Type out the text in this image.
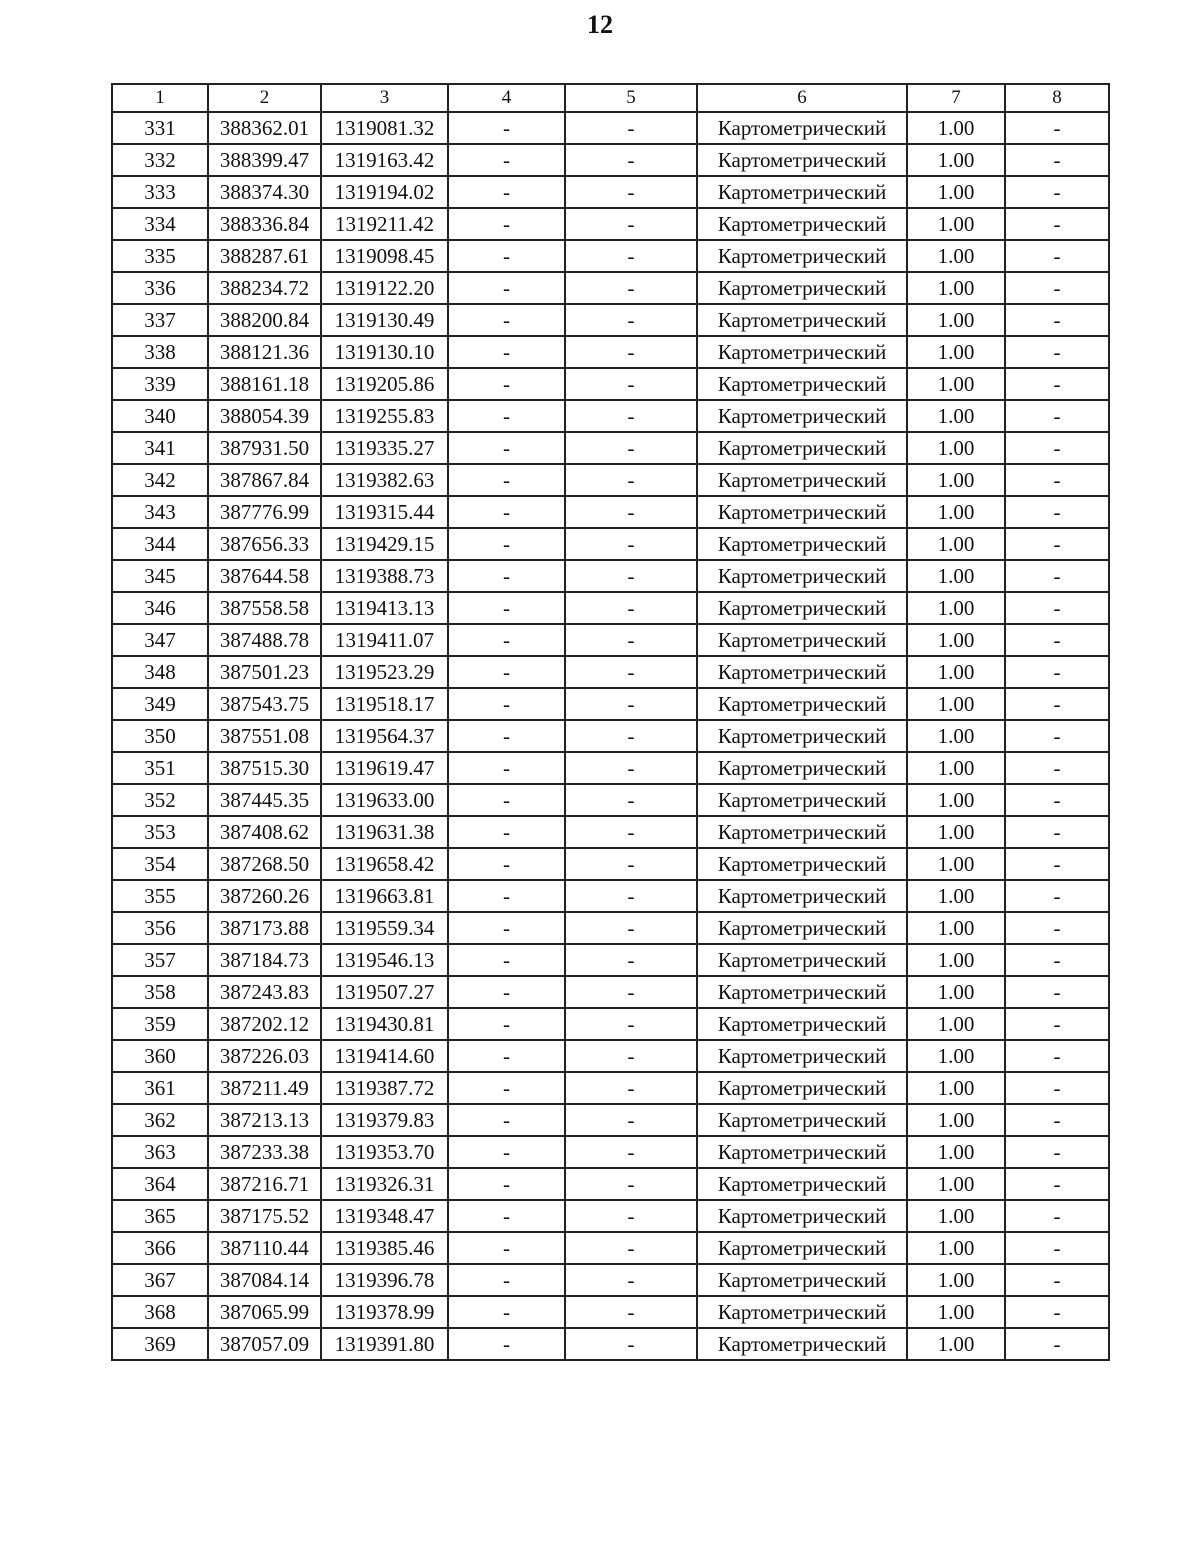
12
1	2	3	4	5	6	7	8
331	388362.01	1319081.32	-	-	Картометрический	1.00	-
332	388399.47	1319163.42	-	-	Картометрический	1.00	-
333	388374.30	1319194.02	-	-	Картометрический	1.00	-
334	388336.84	1319211.42	-	-	Картометрический	1.00	-
335	388287.61	1319098.45	-	-	Картометрический	1.00	-
336	388234.72	1319122.20	-	-	Картометрический	1.00	-
337	388200.84	1319130.49	-	-	Картометрический	1.00	-
338	388121.36	1319130.10	-	-	Картометрический	1.00	-
339	388161.18	1319205.86	-	-	Картометрический	1.00	-
340	388054.39	1319255.83	-	-	Картометрический	1.00	-
341	387931.50	1319335.27	-	-	Картометрический	1.00	-
342	387867.84	1319382.63	-	-	Картометрический	1.00	-
343	387776.99	1319315.44	-	-	Картометрический	1.00	-
344	387656.33	1319429.15	-	-	Картометрический	1.00	-
345	387644.58	1319388.73	-	-	Картометрический	1.00	-
346	387558.58	1319413.13	-	-	Картометрический	1.00	-
347	387488.78	1319411.07	-	-	Картометрический	1.00	-
348	387501.23	1319523.29	-	-	Картометрический	1.00	-
349	387543.75	1319518.17	-	-	Картометрический	1.00	-
350	387551.08	1319564.37	-	-	Картометрический	1.00	-
351	387515.30	1319619.47	-	-	Картометрический	1.00	-
352	387445.35	1319633.00	-	-	Картометрический	1.00	-
353	387408.62	1319631.38	-	-	Картометрический	1.00	-
354	387268.50	1319658.42	-	-	Картометрический	1.00	-
355	387260.26	1319663.81	-	-	Картометрический	1.00	-
356	387173.88	1319559.34	-	-	Картометрический	1.00	-
357	387184.73	1319546.13	-	-	Картометрический	1.00	-
358	387243.83	1319507.27	-	-	Картометрический	1.00	-
359	387202.12	1319430.81	-	-	Картометрический	1.00	-
360	387226.03	1319414.60	-	-	Картометрический	1.00	-
361	387211.49	1319387.72	-	-	Картометрический	1.00	-
362	387213.13	1319379.83	-	-	Картометрический	1.00	-
363	387233.38	1319353.70	-	-	Картометрический	1.00	-
364	387216.71	1319326.31	-	-	Картометрический	1.00	-
365	387175.52	1319348.47	-	-	Картометрический	1.00	-
366	387110.44	1319385.46	-	-	Картометрический	1.00	-
367	387084.14	1319396.78	-	-	Картометрический	1.00	-
368	387065.99	1319378.99	-	-	Картометрический	1.00	-
369	387057.09	1319391.80	-	-	Картометрический	1.00	-
